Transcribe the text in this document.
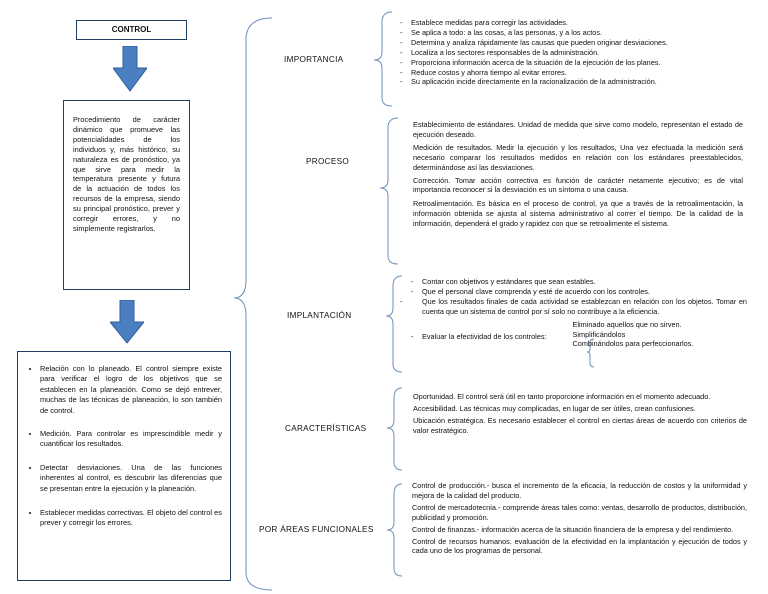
CONTROL
Procedimiento de carácter dinámico que promueve las potencialidades de los individuos y, más histórico, su naturaleza es de pronóstico, ya que sirve para medir la temperatura presente y futura de la actuación de todos los recursos de la empresa, siendo su principal pronóstico, prever y corregir errores, y no simplemente registrarlos.
• Relación con lo planeado. El control siempre existe para verificar el logro de los objetivos que se establecen en la planeación. Como se dejó entrever, muchas de las técnicas de planeación, lo son también de control.
• Medición. Para controlar es imprescindible medir y cuantificar los resultados.
• Detectar desviaciones. Una de las funciones inherentes al control, es descubrir las diferencias que se presentan entre la ejecución y la planeación.
• Establecer medidas correctivas. El objeto del control es prever y corregir los errores.
IMPORTANCIA
PROCESO
IMPLANTACIÓN
CARACTERÍSTICAS
POR ÁREAS FUNCIONALES

- Establece medidas para corregir las actividades.

- Se aplica a todo: a las cosas, a las personas, y a los actos.

- Determina y analiza rápidamente las causas que pueden originar desviaciones.

- Localiza a los sectores responsables de la administración.

- Proporciona información acerca de la situación de la ejecución de los planes.

- Reduce costos y ahorra tiempo al evitar errores.

- Su aplicación incide directamente en la racionalización de la administración.

Establecimiento de estándares. Unidad de medida que sirve como modelo, representan el estado de ejecución deseado.

Medición de resultados. Medir la ejecución y los resultados, Una vez efectuada la medición será necesario comparar los resultados medidos en relación con los estándares preestablecidos, determinándose así las desviaciones.

Corrección. Tomar acción correctiva es función de carácter netamente ejecutivo; es de vital importancia reconocer si la desviación es un síntoma o una causa.

Retroalimentación. Es básica en el proceso de control, ya que a través de la retroalimentación, la información obtenida se ajusta al sistema administrativo al correr el tiempo. De la calidad de la información, dependerá el grado y rapidez con que se retroalimente el sistema.

- Contar con objetivos y estándares que sean estables.

- Que el personal clave comprenda y esté de acuerdo con los controles.

-	Que los resultados finales de cada actividad se establezcan en relación con los objetos. Tomar en cuenta que un sistema de control por sí solo no contribuye a la eficiencia.

- Evaluar la efectividad de los controles:

Eliminado aquellos que no sirven.

Simplificándolos

Combinándolos para perfeccionarlos.

Oportunidad. El control será útil en tanto proporcione información en el momento adecuado.

Accesibilidad. Las técnicas muy complicadas, en lugar de ser útiles, crean confusiones.

Ubicación estratégica. Es necesario establecer el control en ciertas áreas de acuerdo con criterios de valor estratégico.

Control de producción.- busca el incremento de la eficacia, la reducción de costos y la uniformidad y mejora de la calidad del producto.

Control de mercadotecnia.- comprende áreas tales como: ventas, desarrollo de productos, distribución, publicidad y promoción.

Control de finanzas.- información acerca de la situación financiera de la empresa y del rendimiento.

Control de recursos humanos. evaluación de la efectividad en la implantación y ejecución de todos y cada uno de los programas de personal.
